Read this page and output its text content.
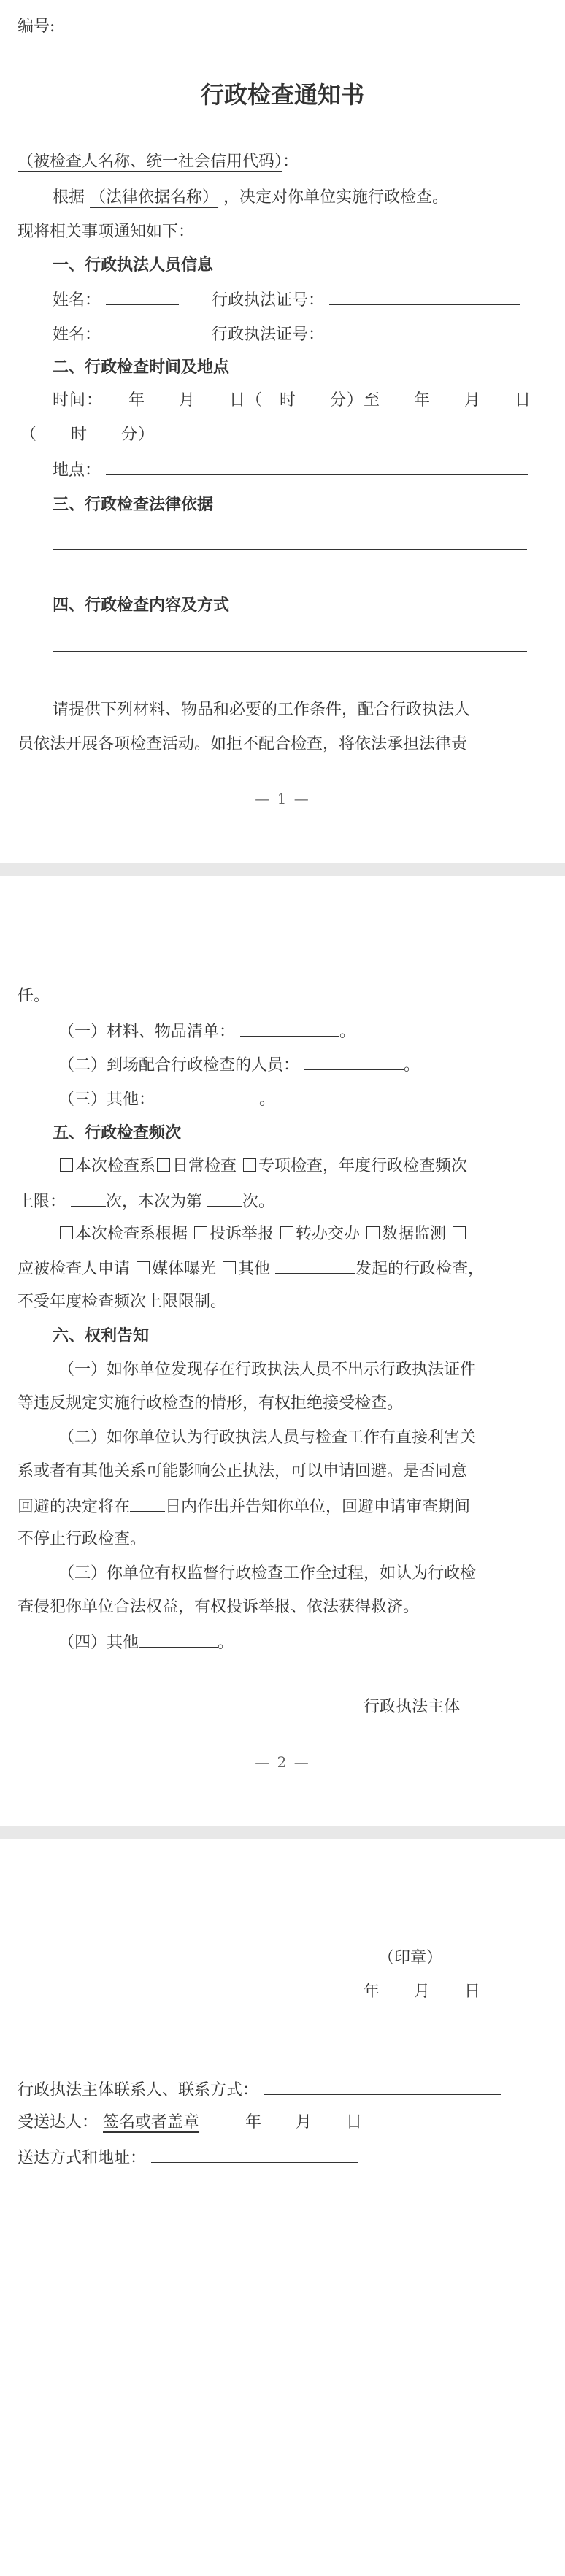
编号:
行政检查通知书
（被检查人名称、统一社会信用代码）：
根据 （法律依据名称） ，决定对你单位实施行政检查。
现将相关事项通知如下：
一、行政执法人员信息
姓名：	行政执法证号：
姓名：	行政执法证号：
二、行政检查时间及地点
时间：　　年　　月　　日（　时　　分）至　　年　　月　　日
（　　时　　分）
地点：
三、行政检查法律依据
四、行政检查内容及方式
请提供下列材料、物品和必要的工作条件，配合行政执法人
员依法开展各项检查活动。如拒不配合检查，将依法承担法律责
— 1 —
任。
（一）材料、物品清单：	。
（二）到场配合行政检查的人员：	。
（三）其他：	。
五、行政检查频次
本次检查系 日常检查 专项检查，年度行政检查频次
上限：	次，本次为第	次。
本次检查系根据 投诉举报 转办交办 数据监测
应被检查人申请 媒体曝光 其他	发起的行政检查，
不受年度检查频次上限限制。
六、权利告知
（一）如你单位发现存在行政执法人员不出示行政执法证件
等违反规定实施行政检查的情形，有权拒绝接受检查。
（二）如你单位认为行政执法人员与检查工作有直接利害关
系或者有其他关系可能影响公正执法，可以申请回避。是否同意
回避的决定将在 日内作出并告知你单位，回避申请审查期间
不停止行政检查。
（三）你单位有权监督行政检查工作全过程，如认为行政检
查侵犯你单位合法权益，有权投诉举报、依法获得救济。
（四）其他	。
行政执法主体
— 2 —
（印章）
年　　月　　日
行政执法主体联系人、联系方式：
受送达人： 签名或者盖章	年　　月　　日
送达方式和地址：
